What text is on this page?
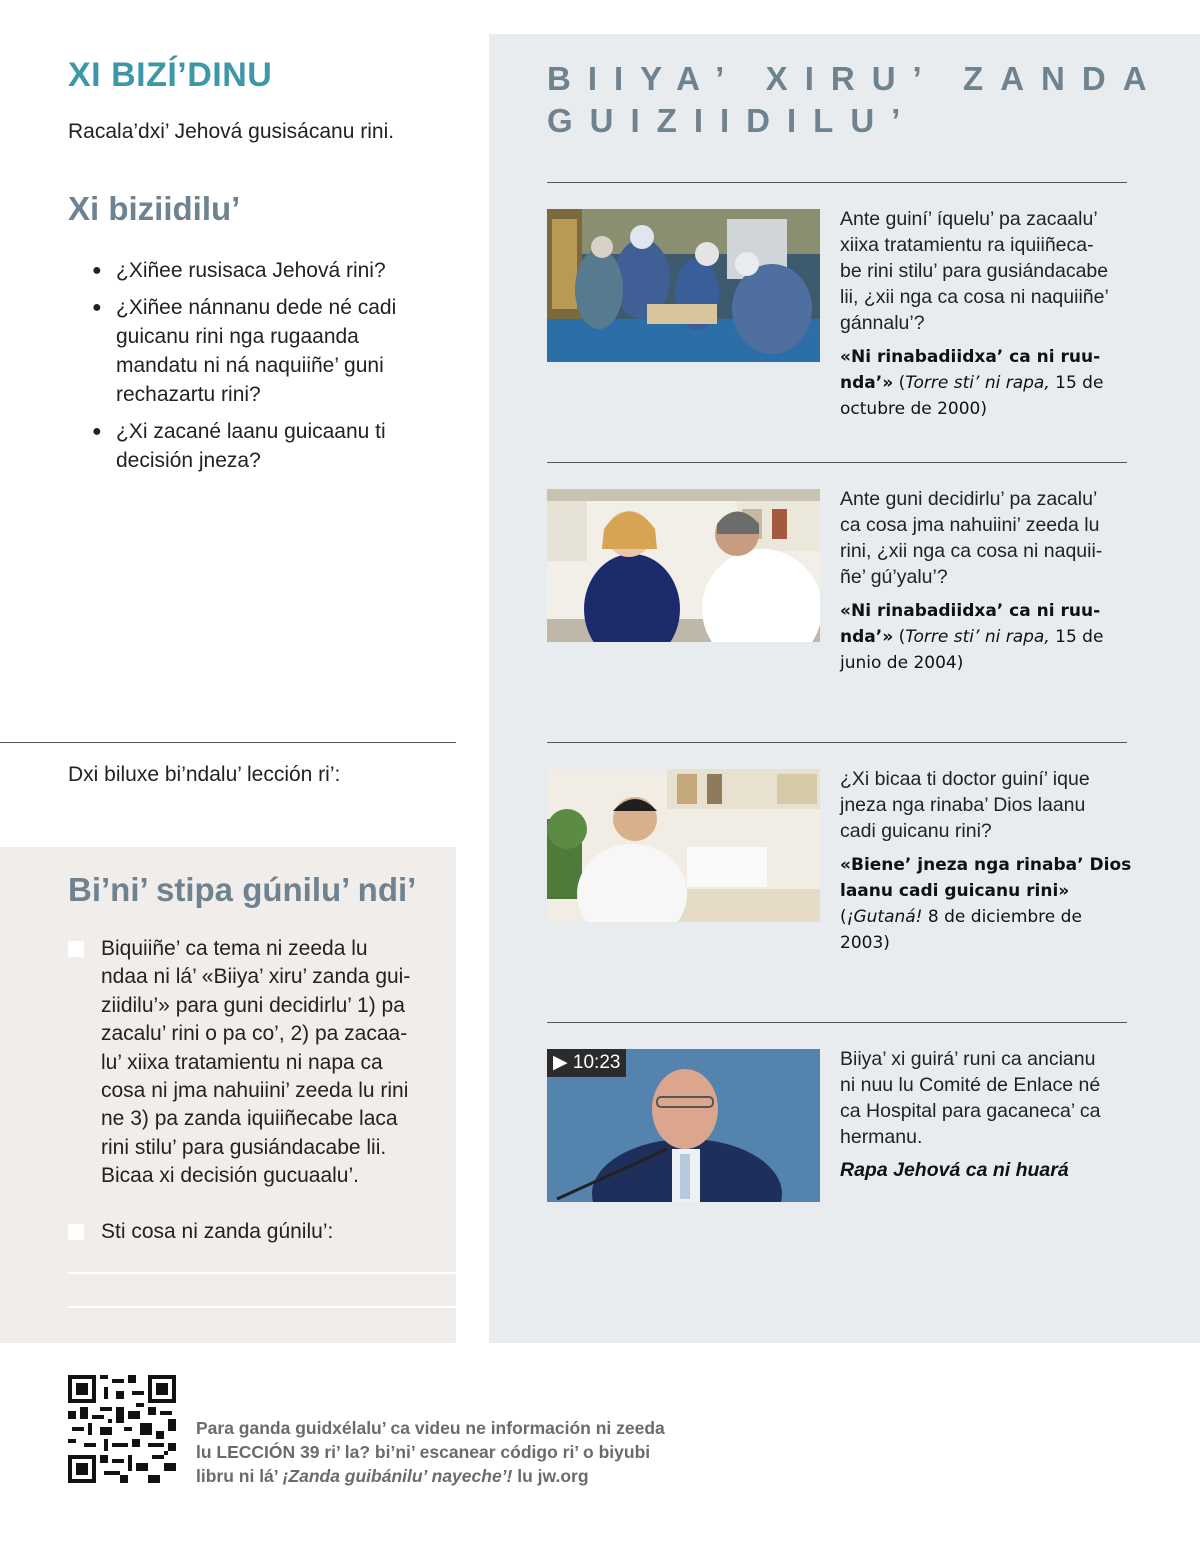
XI BIZÍ’DINU

Racala’dxi’ Jehová gusisácanu rini.

Xi biziidilu’
● ¿Xiñee rusisaca Jehová rini?
● ¿Xiñee nánnanu dede né cadi guicanu rini nga rugaanda mandatu ni ná naquiiñe’ guni rechazartu rini?
● ¿Xi zacané laanu guicaanu ti decisión jneza?

Dxi biluxe bi’ndalu’ lección ri’:

Bi’ni’ stipa gúnilu’ ndi’
Biquiiñe’ ca tema ni zeeda lu
ndaa ni lá’ «Biiya’ xiru’ zanda gui-
ziidilu’» para guni decidirlu’ 1) pa
zacalu’ rini o pa co’, 2) pa zacaa-
lu’ xiixa tratamientu ni napa ca
cosa ni jma nahuiini’ zeeda lu rini
ne 3) pa zanda iquiiñecabe laca
rini stilu’ para gusiándacabe lii.
Bicaa xi decisión gucuaalu’.
Sti cosa ni zanda gúnilu’:
BIIYA’ XIRU’ ZANDA
GUIZIIDILU’

Ante guiní’ íquelu’ pa zacaalu’
xiixa tratamientu ra iquiiñeca-
be rini stilu’ para gusiándacabe
lii, ¿xii nga ca cosa ni naquiiñe’
gánnalu’?

«Ni rinabadiidxa’ ca ni ruu-
nda’» (Torre sti’ ni rapa, 15 de octubre de 2000)

Ante guni decidirlu’ pa zacalu’
ca cosa jma nahuiini’ zeeda lu
rini, ¿xii nga ca cosa ni naquii-
ñe’ gú’yalu’?

«Ni rinabadiidxa’ ca ni ruu-
nda’» (Torre sti’ ni rapa, 15 de junio de 2004)

¿Xi bicaa ti doctor guiní’ ique
jneza nga rinaba’ Dios laanu
cadi guicanu rini?

«Biene’ jneza nga rinaba’ Dios laanu cadi guicanu rini» (¡Gutaná! 8 de diciembre de 2003)

▶ 10:23	Biiya’ xi guirá’ runi ca ancianu
ni nuu lu Comité de Enlace né
ca Hospital para gacaneca’ ca
hermanu.

Rapa Jehová ca ni huará

Para ganda guidxélalu’ ca videu ne información ni zeeda
lu LECCIÓN 39 ri’ la? bi’ni’ escanear código ri’ o biyubi
libru ni lá’ ¡Zanda guibánilu’ nayeche’! lu jw.org
